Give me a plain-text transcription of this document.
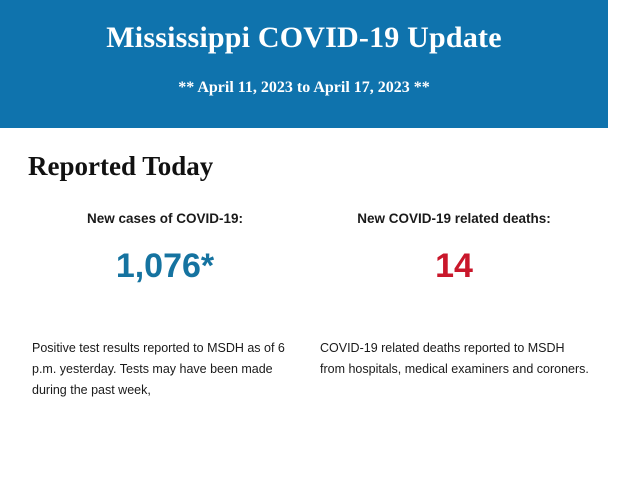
Mississippi COVID-19 Update
** April 11, 2023 to April 17, 2023 **
Reported Today
New cases of COVID-19:
1,076*
Positive test results reported to MSDH as of 6 p.m. yesterday. Tests may have been made during the past week,
New COVID-19 related deaths:
14
COVID-19 related deaths reported to MSDH from hospitals, medical examiners and coroners.
